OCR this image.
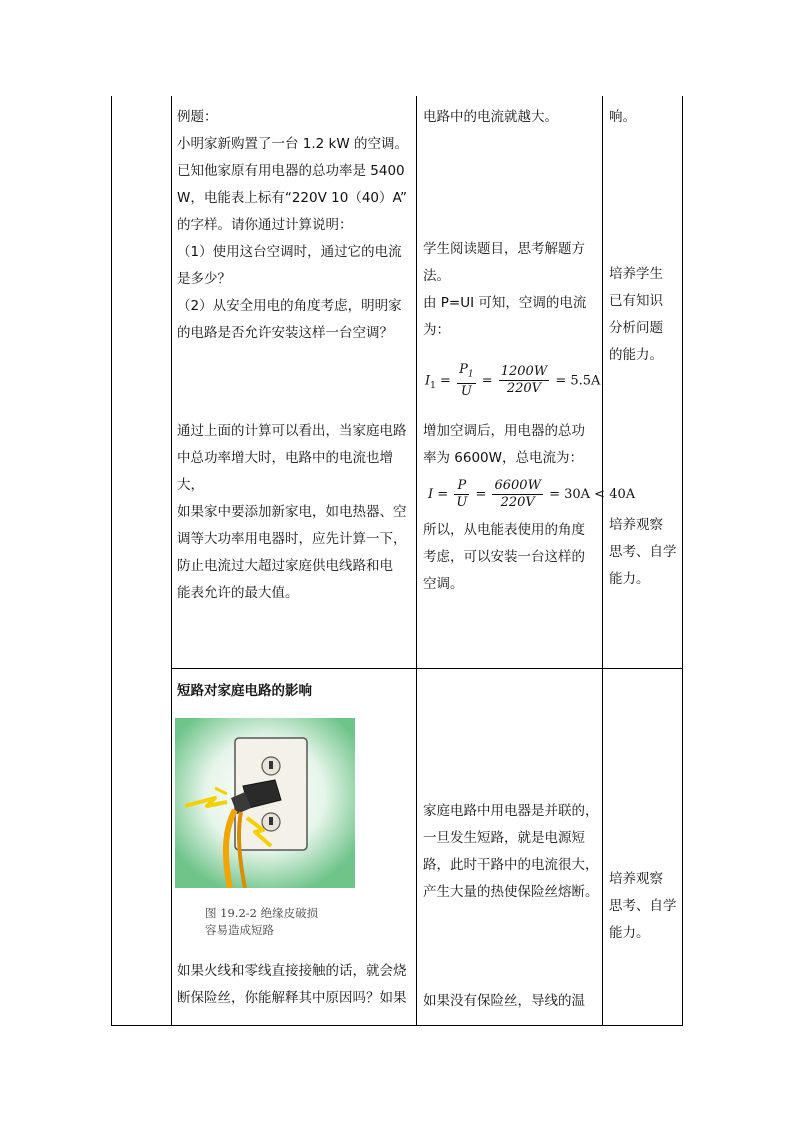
例题：

小明家新购置了一台 1.2 kW 的空调。

已知他家原有用电器的总功率是 5400

W，电能表上标有“220V 10（40）A”

的字样。请你通过计算说明：

（1）使用这台空调时，通过它的电流

是多少？

（2）从安全用电的角度考虑，明明家

的电路是否允许安装这样一台空调？

通过上面的计算可以看出，当家庭电路

中总功率增大时，电路中的电流也增大，

如果家中要添加新家电，如电热器、空

调等大功率用电器时，应先计算一下，

防止电流过大超过家庭供电线路和电

能表允许的最大值。

电路中的电流就越大。

学生阅读题目，思考解题方

法。

由 P=UI 可知，空调的电流

为：

$I_1 = \frac{P_1}{U} = \frac{1200W}{220V} = 5.5A$

增加空调后，用电器的总功

率为 6600W，总电流为：

$I = \frac{P}{U} = \frac{6600W}{220V} = 30A < 40A$

所以，从电能表使用的角度

考虑，可以安装一台这样的

空调。

响。

培养学生

已有知识

分析问题

的能力。

培养观察

思考、自学

能力。

短路对家庭电路的影响
图 19.2-2 绝缘皮破损
容易造成短路

如果火线和零线直接接触的话，就会烧

断保险丝，你能解释其中原因吗？如果

家庭电路中用电器是并联的，

一旦发生短路，就是电源短

路，此时干路中的电流很大，

产生大量的热使保险丝熔断。

如果没有保险丝，导线的温

培养观察

思考、自学

能力。
